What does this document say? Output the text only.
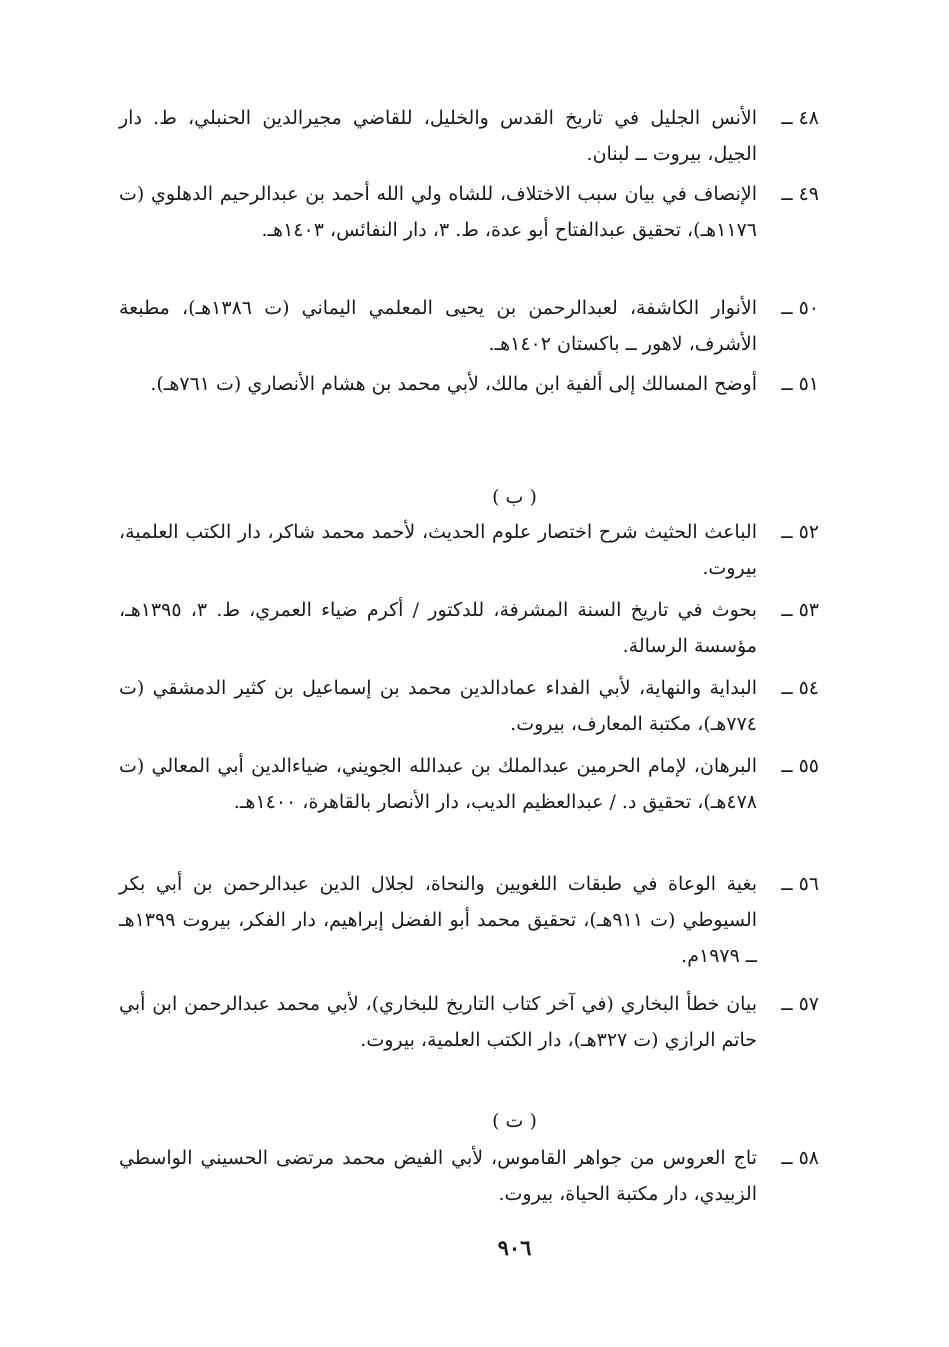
٤٨ ــ
الأنس الجليل في تاريخ القدس والخليل، للقاضي مجيرالدين الحنبلي، ط. دار الجيل، بيروت ــ لبنان.
٤٩ ــ
الإنصاف في بيان سبب الاختلاف، للشاه ولي الله أحمد بن عبدالرحيم الدهلوي (ت ١١٧٦هـ)، تحقيق عبدالفتاح أبو عدة، ط. ٣، دار النفائس، ١٤٠٣هـ.
٥٠ ــ
الأنوار الكاشفة، لعبدالرحمن بن يحيى المعلمي اليماني (ت ١٣٨٦هـ)، مطبعة الأشرف، لاهور ــ باكستان ١٤٠٢هـ.
٥١ ــ
أوضح المسالك إلى ألفية ابن مالك، لأبي محمد بن هشام الأنصاري (ت ٧٦١هـ).
( ب )
٥٢ ــ
الباعث الحثيث شرح اختصار علوم الحديث، لأحمد محمد شاكر، دار الكتب العلمية، بيروت.
٥٣ ــ
بحوث في تاريخ السنة المشرفة، للدكتور / أكرم ضياء العمري، ط. ٣، ١٣٩٥هـ، مؤسسة الرسالة.
٥٤ ــ
البداية والنهاية، لأبي الفداء عمادالدين محمد بن إسماعيل بن كثير الدمشقي (ت ٧٧٤هـ)، مكتبة المعارف، بيروت.
٥٥ ــ
البرهان، لإمام الحرمين عبدالملك بن عبدالله الجويني، ضياءالدين أبي المعالي (ت ٤٧٨هـ)، تحقيق د. / عبدالعظيم الديب، دار الأنصار بالقاهرة، ١٤٠٠هـ.
٥٦ ــ
بغية الوعاة في طبقات اللغويين والنحاة، لجلال الدين عبدالرحمن بن أبي بكر السيوطي (ت ٩١١هـ)، تحقيق محمد أبو الفضل إبراهيم، دار الفكر، بيروت ١٣٩٩هـ ــ ١٩٧٩م.
٥٧ ــ
بيان خطأ البخاري (في آخر كتاب التاريخ للبخاري)، لأبي محمد عبدالرحمن ابن أبي حاتم الرازي (ت ٣٢٧هـ)، دار الكتب العلمية، بيروت.
( ت )
٥٨ ــ
تاج العروس من جواهر القاموس، لأبي الفيض محمد مرتضى الحسيني الواسطي الزبيدي، دار مكتبة الحياة، بيروت.
٩٠٦
